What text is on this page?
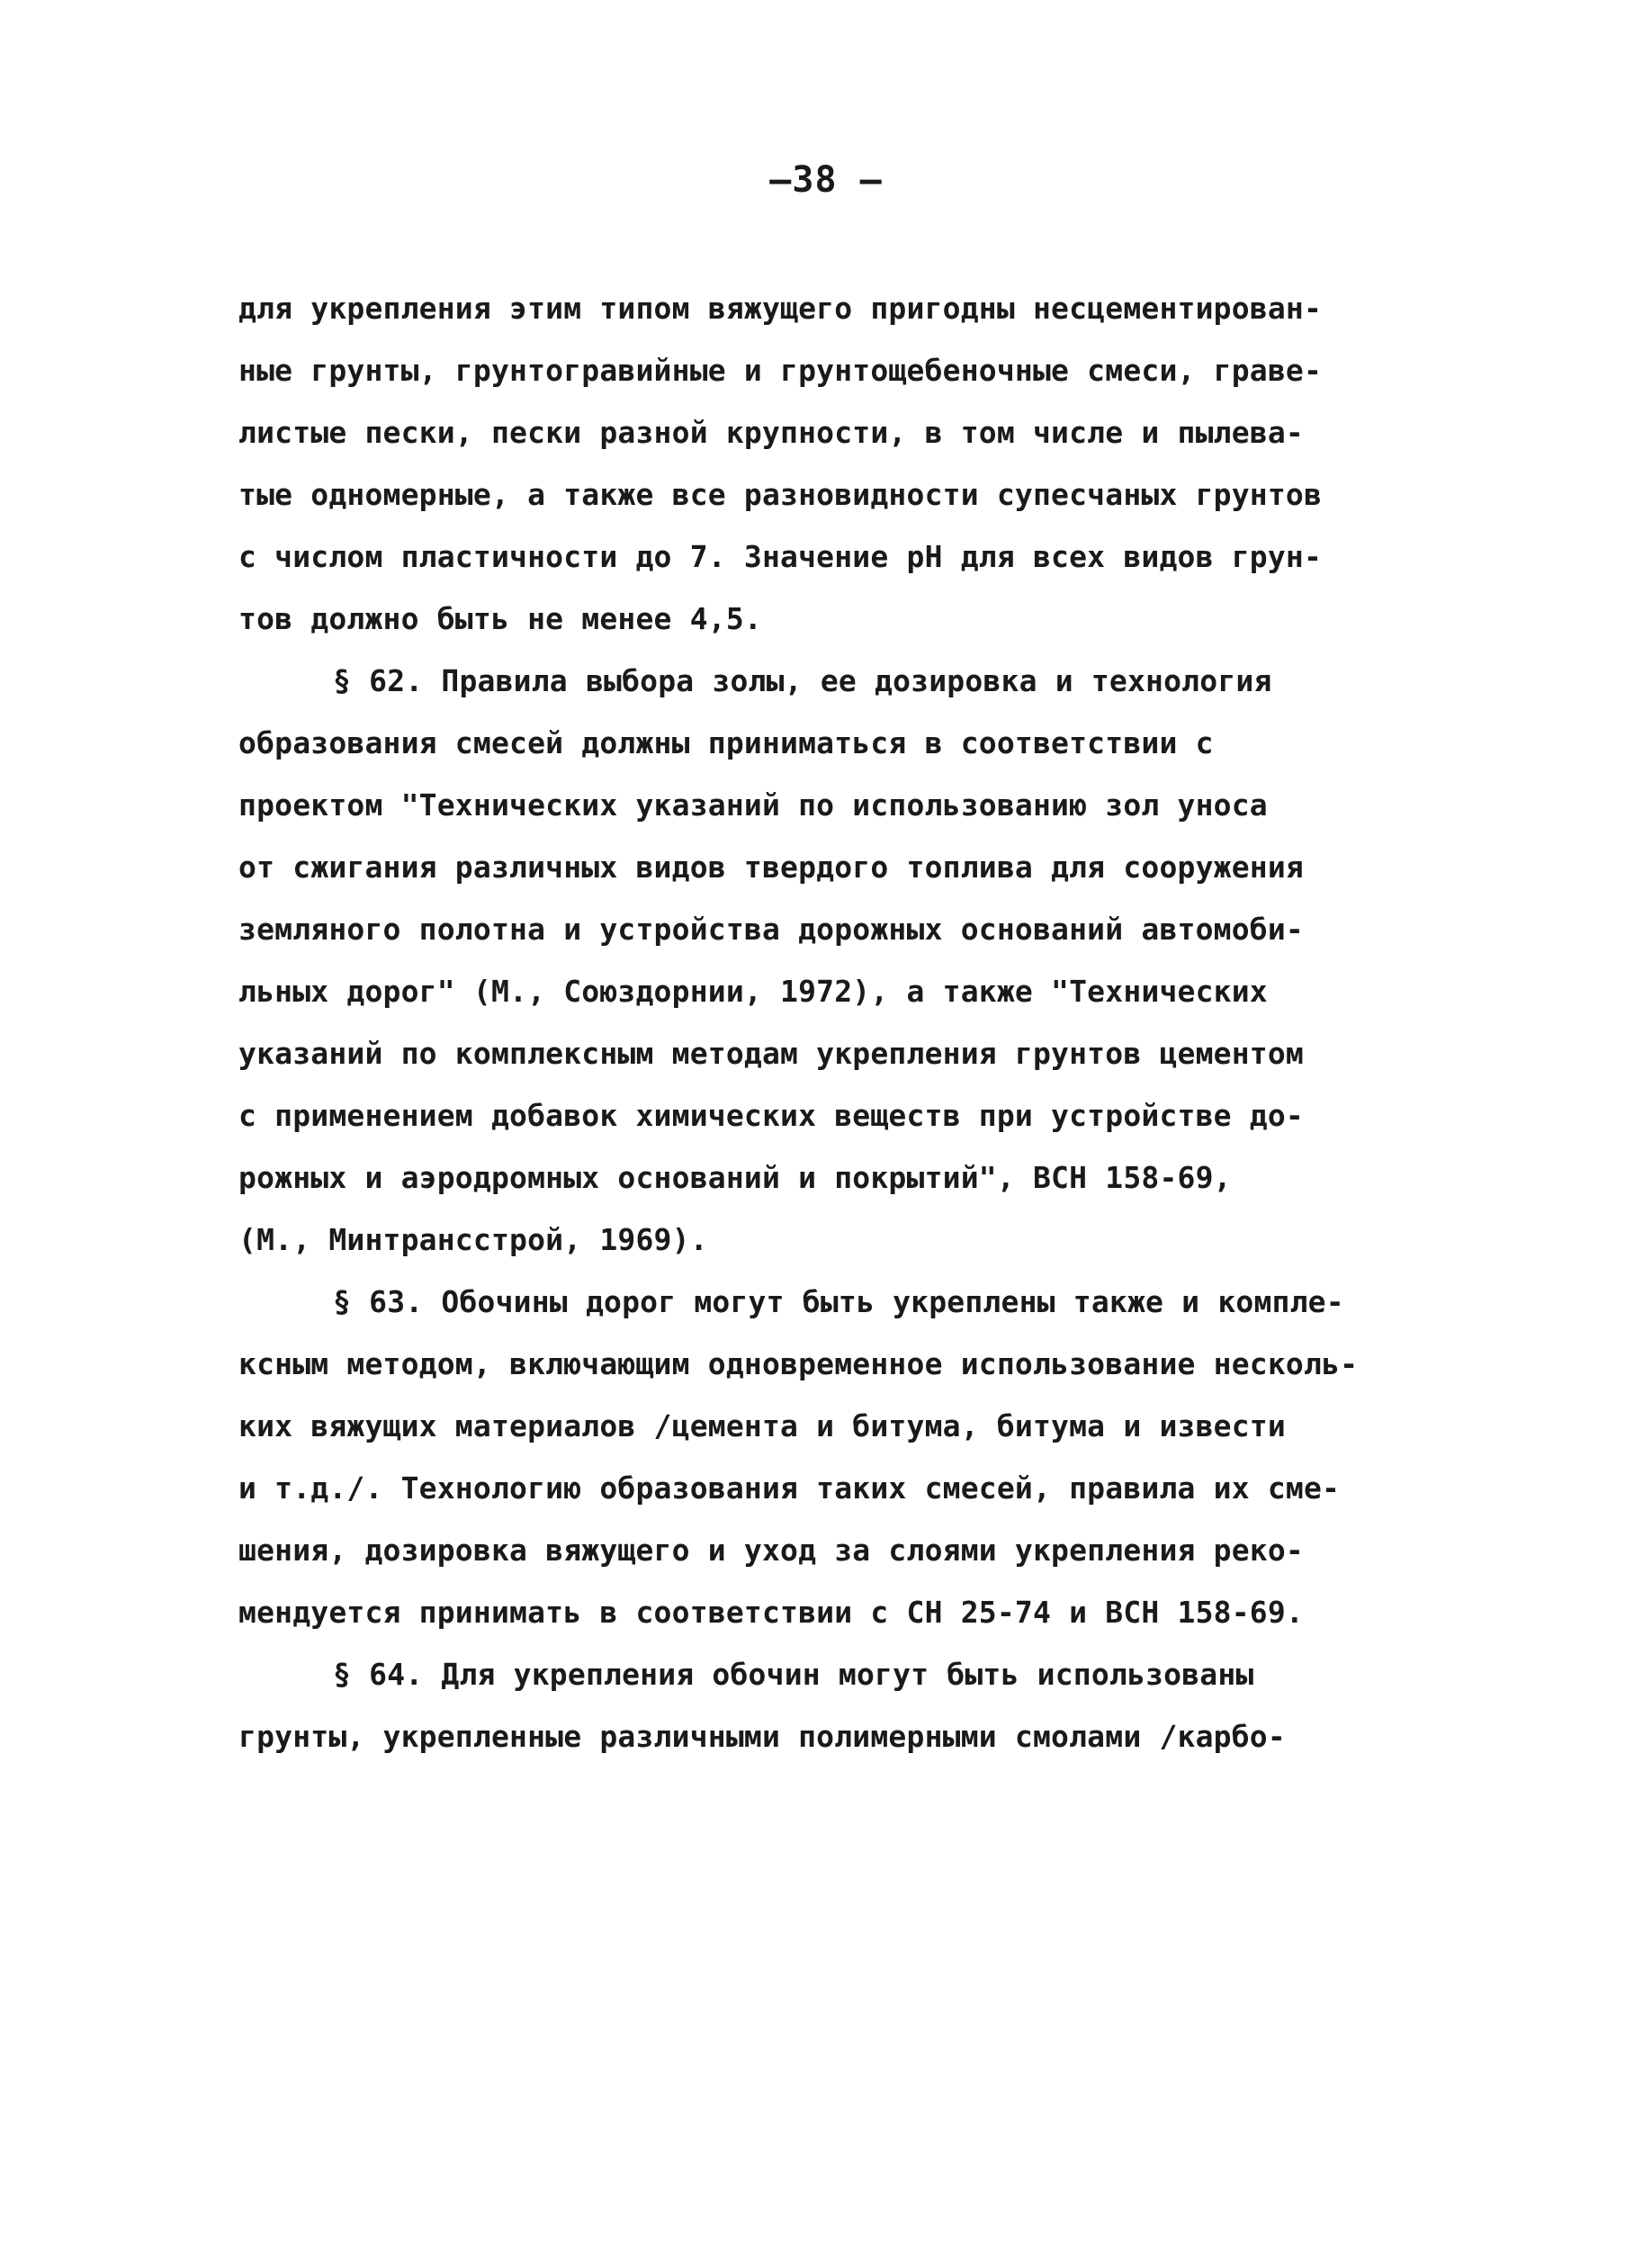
–38 –
для укрепления этим типом вяжущего пригодны несцементирован-
ные грунты, грунтогравийные и грунтощебеночные смеси, граве-
листые пески, пески разной крупности, в том числе и пылева-
тые одномерные, а также все разновидности супесчаных грунтов
с числом пластичности до 7. Значение pH для всех видов грун-
тов должно быть не менее 4,5.
§ 62. Правила выбора золы, ее дозировка и технология
образования смесей должны приниматься в соответствии с
проектом "Технических указаний по использованию зол уноса
от сжигания различных видов твердого топлива для сооружения
земляного полотна и устройства дорожных оснований автомоби-
льных дорог" (М., Союздорнии, 1972), а также "Технических
указаний по комплексным методам укрепления грунтов цементом
с применением добавок химических веществ при устройстве до-
рожных и аэродромных оснований и покрытий", ВСН 158-69,
(М., Минтрансстрой, 1969).
§ 63. Обочины дорог могут быть укреплены также и комплe-
ксным методом, включающим одновременное использование несколь-
ких вяжущих материалов /цемента и битума, битума и извести
и т.д./. Технологию образования таких смесей, правила их сме-
шения, дозировка вяжущего и уход за слоями укрепления реко-
мендуется принимать в соответствии с СН 25-74 и ВСН 158-69.
§ 64. Для укрепления обочин могут быть использованы
грунты, укрепленные различными полимерными смолами /карбо-
